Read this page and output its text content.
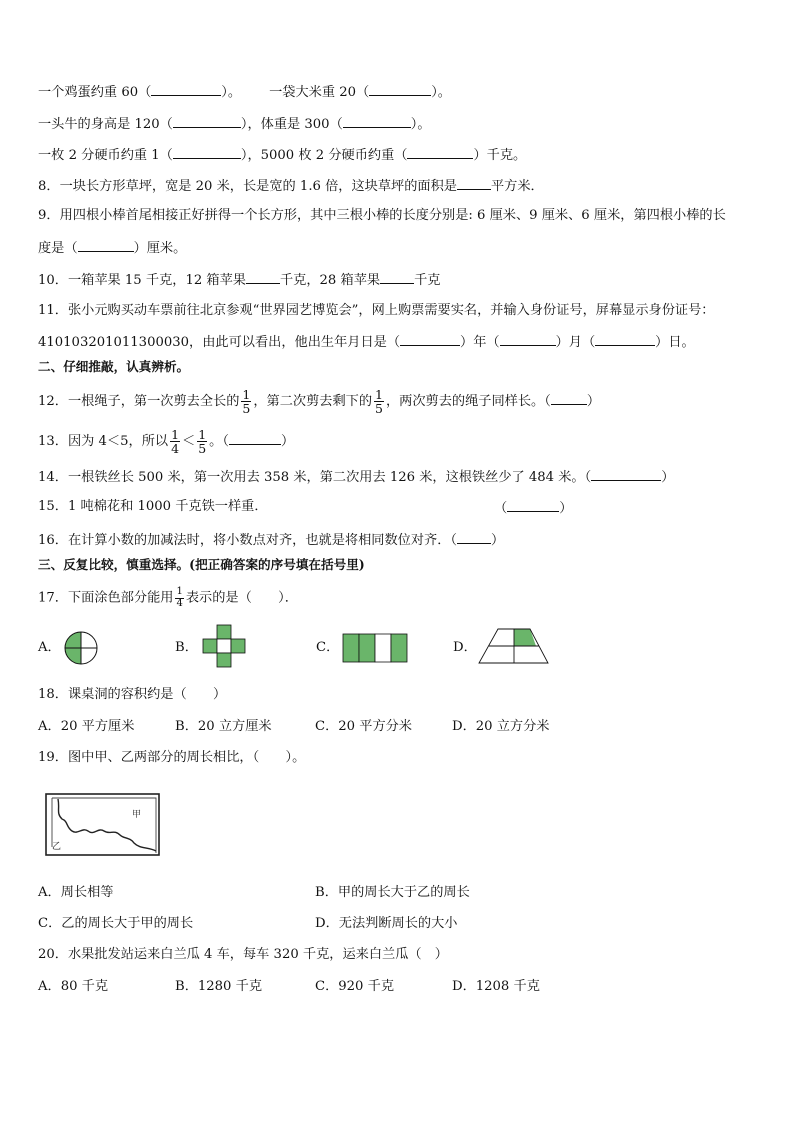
一个鸡蛋约重 60（	）。 一袋大米重 20（	）。
一头牛的身高是 120（	），体重是 300（	）。
一枚 2 分硬币约重 1（	），5000 枚 2 分硬币约重（	）千克。
8．一块长方形草坪，宽是 20 米，长是宽的 1.6 倍，这块草坪的面积是	平方米．
9．用四根小棒首尾相接正好拼得一个长方形，其中三根小棒的长度分别是: 6 厘米、9 厘米、6 厘米，第四根小棒的长
度是（	）厘米。
10．一箱苹果 15 千克，12 箱苹果	千克，28 箱苹果	千克
11．张小元购买动车票前往北京参观“世界园艺博览会”，网上购票需要实名，并输入身份证号，屏幕显示身份证号：
410103201011300030，由此可以看出，他出生年月日是（	）年（	）月（	）日。
二、仔细推敲，认真辨析。
12．一根绳子，第一次剪去全长的 $\frac{1}{5}$ ，第二次剪去剩下的 $\frac{1}{5}$ ，两次剪去的绳子同样长。（	）
13．因为 4＜5，所以 $\frac{1}{4} < \frac{1}{5}$ 。（	）
14．一根铁丝长 500 米，第一次用去 358 米，第二次用去 126 米，这根铁丝少了 484 米。（	）
15．1 吨棉花和 1000 千克铁一样重．	（	）
16．在计算小数的加减法时，将小数点对齐，也就是将相同数位对齐．（	）
三、反复比较，慎重选择。(把正确答案的序号填在括号里)
17．下面涂色部分能用 $\frac{1}{4}$ 表示的是（　　）．
A．	B．	C．	D．
18．课桌洞的容积约是（　　）
A．20 平方厘米	B．20 立方厘米	C．20 平方分米	D．20 立方分米
19．图中甲、乙两部分的周长相比，（　　）。
甲
乙
A．周长相等	B．甲的周长大于乙的周长
C．乙的周长大于甲的周长	D．无法判断周长的大小
20．水果批发站运来白兰瓜 4 车，每车 320 千克，运来白兰瓜（　）
A．80 千克	B．1280 千克	C．920 千克	D．1208 千克
